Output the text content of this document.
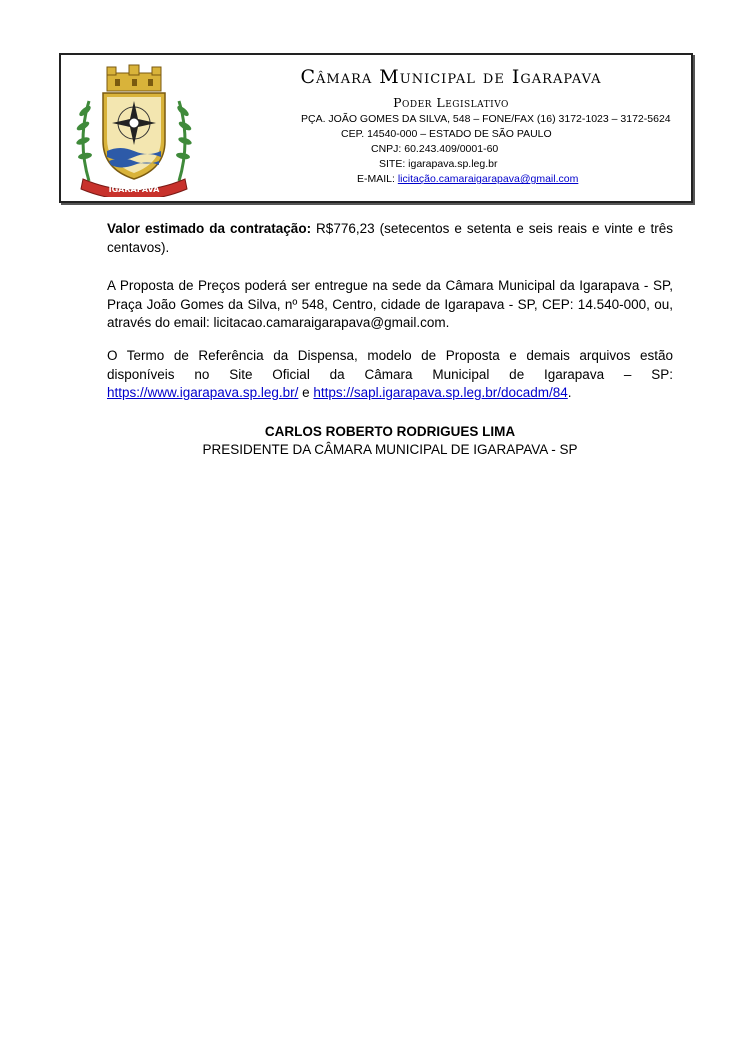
IGARAPAVA
Câmara Municipal de Igarapava
Poder Legislativo
PÇA. JOÃO GOMES DA SILVA, 548 – FONE/FAX (16) 3172-1023 – 3172-5624
CEP. 14540-000 – ESTADO DE SÃO PAULO
CNPJ: 60.243.409/0001-60
SITE: igarapava.sp.leg.br
E-MAIL: licitação.camaraigarapava@gmail.com
Valor estimado da contratação: R$776,23 (setecentos e setenta e seis reais e vinte e três centavos).
A Proposta de Preços poderá ser entregue na sede da Câmara Municipal da Igarapava - SP, Praça João Gomes da Silva, nº 548, Centro, cidade de Igarapava - SP, CEP: 14.540-000, ou, através do email: licitacao.camaraigarapava@gmail.com.
O Termo de Referência da Dispensa, modelo de Proposta e demais arquivos estão disponíveis no Site Oficial da Câmara Municipal de Igarapava – SP: https://www.igarapava.sp.leg.br/ e https://sapl.igarapava.sp.leg.br/docadm/84.
CARLOS ROBERTO RODRIGUES LIMA
PRESIDENTE DA CÂMARA MUNICIPAL DE IGARAPAVA - SP
